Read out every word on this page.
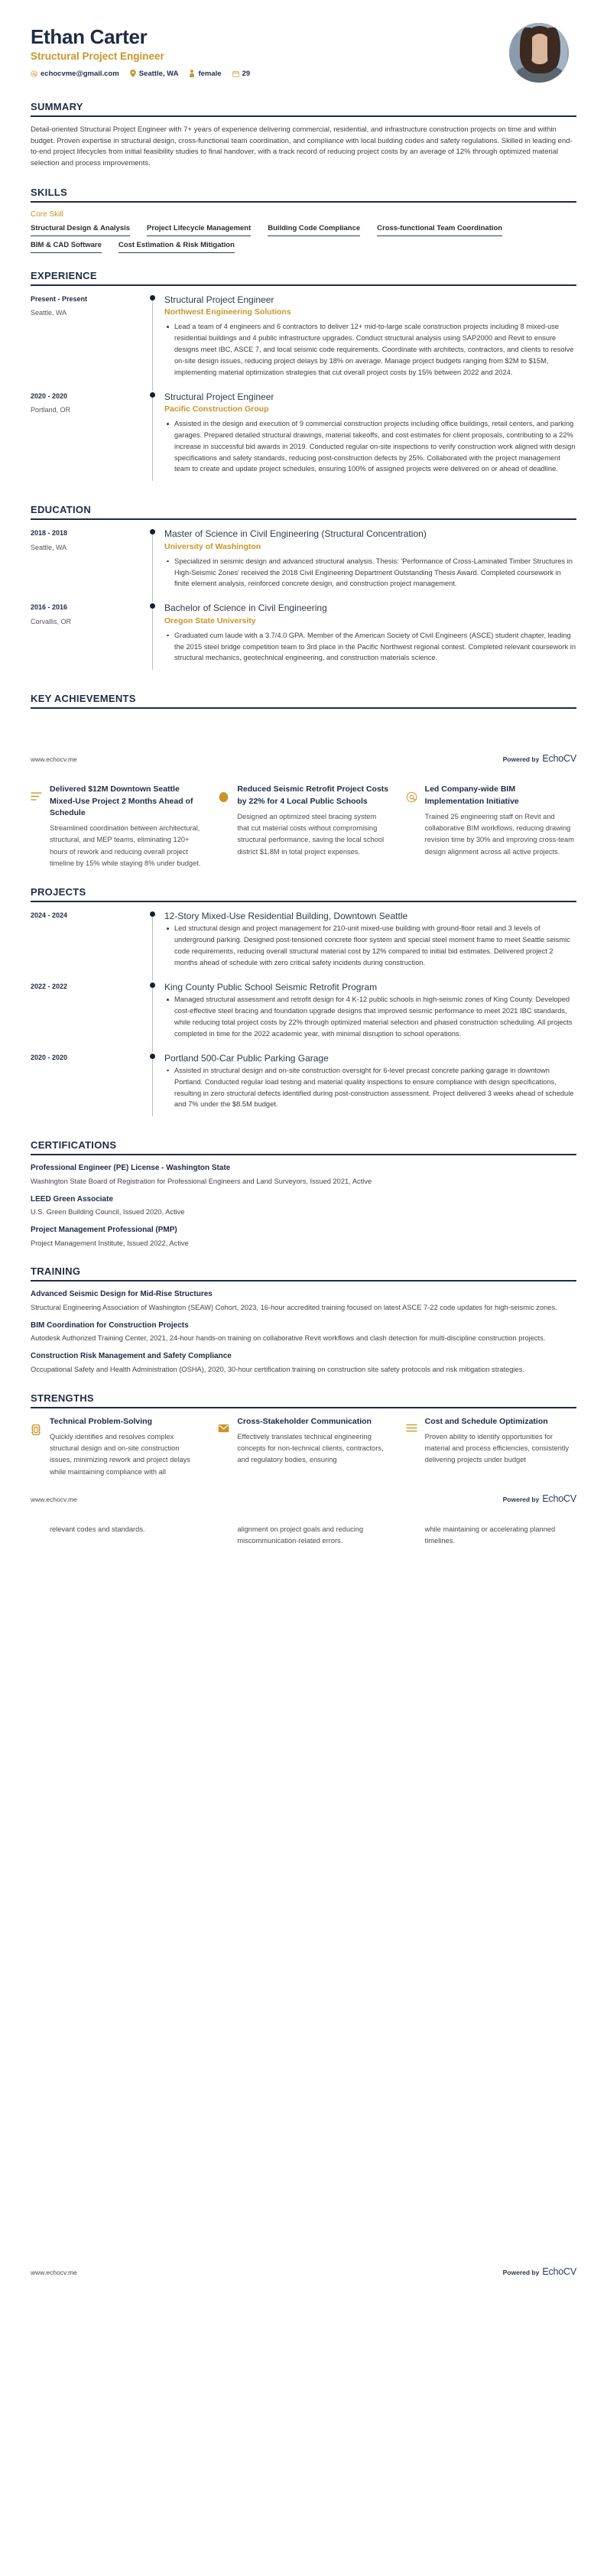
Ethan Carter
Structural Project Engineer
echocvme@gmail.com	Seattle, WA	female	29
SUMMARY
Detail-oriented Structural Project Engineer with 7+ years of experience delivering commercial, residential, and infrastructure construction projects on time and within budget. Proven expertise in structural design, cross-functional team coordination, and compliance with local building codes and safety regulations. Skilled in leading end-to-end project lifecycles from initial feasibility studies to final handover, with a track record of reducing project costs by an average of 12% through optimized material selection and process improvements.
SKILLS
Core Skill
Structural Design & Analysis Project Lifecycle Management Building Code Compliance Cross-functional Team Coordination
BIM & CAD Software Cost Estimation & Risk Mitigation
EXPERIENCE
Present - Present
Seattle, WA
Structural Project Engineer
Northwest Engineering Solutions
Lead a team of 4 engineers and 6 contractors to deliver 12+ mid-to-large scale construction projects including 8 mixed-use residential buildings and 4 public infrastructure upgrades. Conduct structural analysis using SAP2000 and Revit to ensure designs meet IBC, ASCE 7, and local seismic code requirements. Coordinate with architects, contractors, and clients to resolve on-site design issues, reducing project delays by 18% on average. Manage project budgets ranging from $2M to $15M, implementing material optimization strategies that cut overall project costs by 15% between 2022 and 2024.
2020 - 2020
Portland, OR
Structural Project Engineer
Pacific Construction Group
Assisted in the design and execution of 9 commercial construction projects including office buildings, retail centers, and parking garages. Prepared detailed structural drawings, material takeoffs, and cost estimates for client proposals, contributing to a 22% increase in successful bid awards in 2019. Conducted regular on-site inspections to verify construction work aligned with design specifications and safety standards, reducing post-construction defects by 25%. Collaborated with the project management team to create and update project schedules, ensuring 100% of assigned projects were delivered on or ahead of deadline.
EDUCATION
2018 - 2018
Seattle, WA
Master of Science in Civil Engineering (Structural Concentration)
University of Washington
Specialized in seismic design and advanced structural analysis. Thesis: 'Performance of Cross-Laminated Timber Structures in High-Seismic Zones' received the 2018 Civil Engineering Department Outstanding Thesis Award. Completed coursework in finite element analysis, reinforced concrete design, and construction project management.
2016 - 2016
Corvallis, OR
Bachelor of Science in Civil Engineering
Oregon State University
Graduated cum laude with a 3.7/4.0 GPA. Member of the American Society of Civil Engineers (ASCE) student chapter, leading the 2015 steel bridge competition team to 3rd place in the Pacific Northwest regional contest. Completed relevant coursework in structural mechanics, geotechnical engineering, and construction materials science.
KEY ACHIEVEMENTS
www.echocv.me	Powered by EchoCV
Delivered $12M Downtown Seattle Mixed-Use Project 2 Months Ahead of Schedule
Streamlined coordination between architectural, structural, and MEP teams, eliminating 120+ hours of rework and reducing overall project timeline by 15% while staying 8% under budget.
Reduced Seismic Retrofit Project Costs by 22% for 4 Local Public Schools
Designed an optimized steel bracing system that cut material costs without compromising structural performance, saving the local school district $1.8M in total project expenses.
Led Company-wide BIM Implementation Initiative
Trained 25 engineering staff on Revit and collaborative BIM workflows, reducing drawing revision time by 30% and improving cross-team design alignment across all active projects.
PROJECTS
2024 - 2024	12-Story Mixed-Use Residential Building, Downtown Seattle
Led structural design and project management for 210-unit mixed-use building with ground-floor retail and 3 levels of underground parking. Designed post-tensioned concrete floor system and special steel moment frame to meet Seattle seismic code requirements, reducing overall structural material cost by 12% compared to initial bid estimates. Delivered project 2 months ahead of schedule with zero critical safety incidents during construction.
2022 - 2022	King County Public School Seismic Retrofit Program
Managed structural assessment and retrofit design for 4 K-12 public schools in high-seismic zones of King County. Developed cost-effective steel bracing and foundation upgrade designs that improved seismic performance to meet 2021 IBC standards, while reducing total project costs by 22% through optimized material selection and phased construction scheduling. All projects completed in time for the 2022 academic year, with minimal disruption to school operations.
2020 - 2020	Portland 500-Car Public Parking Garage
Assisted in structural design and on-site construction oversight for 6-level precast concrete parking garage in downtown Portland. Conducted regular load testing and material quality inspections to ensure compliance with design specifications, resulting in zero structural defects identified during post-construction assessment. Project delivered 3 weeks ahead of schedule and 7% under the $8.5M budget.
CERTIFICATIONS
Professional Engineer (PE) License - Washington State
Washington State Board of Registration for Professional Engineers and Land Surveyors, Issued 2021, Active
LEED Green Associate
U.S. Green Building Council, Issued 2020, Active
Project Management Professional (PMP)
Project Management Institute, Issued 2022, Active
TRAINING
Advanced Seismic Design for Mid-Rise Structures
Structural Engineering Association of Washington (SEAW) Cohort, 2023, 16-hour accredited training focused on latest ASCE 7-22 code updates for high-seismic zones.
BIM Coordination for Construction Projects
Autodesk Authorized Training Center, 2021, 24-hour hands-on training on collaborative Revit workflows and clash detection for multi-discipline construction projects.
Construction Risk Management and Safety Compliance
Occupational Safety and Health Administration (OSHA), 2020, 30-hour certification training on construction site safety protocols and risk mitigation strategies.
STRENGTHS
Technical Problem-Solving
Quickly identifies and resolves complex structural design and on-site construction issues, minimizing rework and project delays while maintaining compliance with all
Cross-Stakeholder Communication
Effectively translates technical engineering concepts for non-technical clients, contractors, and regulatory bodies, ensuring
Cost and Schedule Optimization
Proven ability to identify opportunities for material and process efficiencies, consistently delivering projects under budget
www.echocv.me	Powered by EchoCV
relevant codes and standards.	alignment on project goals and reducing miscommunication-related errors.
while maintaining or accelerating planned timelines.
www.echocv.me	Powered by EchoCV
